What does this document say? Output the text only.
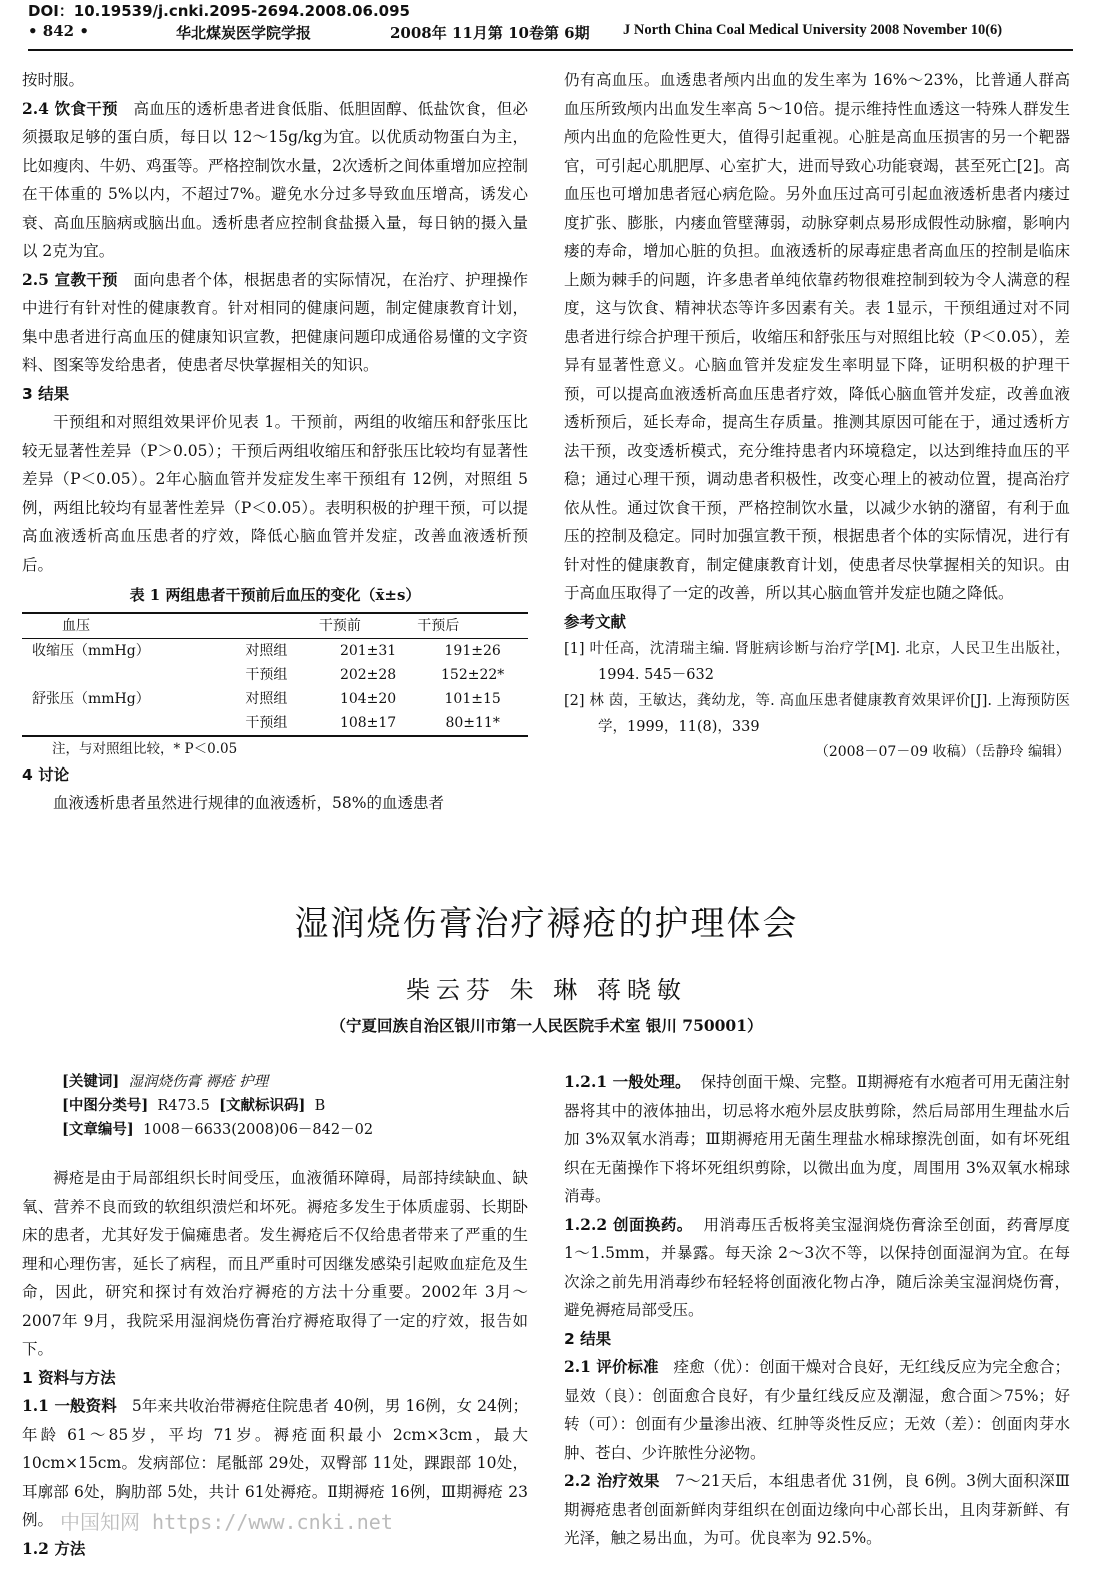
DOI：10.19539/j.cnki.2095-2694.2008.06.095
• 842 •	华北煤炭医学院学报	2008年 11月第 10卷第 6期 J North China Coal Medical University 2008 November 10(6)

按时服。

2.4 饮食干预 高血压的透析患者进食低脂、低胆固醇、低盐饮食，但必须摄取足够的蛋白质，每日以 12～15g/kg为宜。以优质动物蛋白为主，比如瘦肉、牛奶、鸡蛋等。严格控制饮水量，2次透析之间体重增加应控制在干体重的 5%以内，不超过7%。避免水分过多导致血压增高，诱发心衰、高血压脑病或脑出血。透析患者应控制食盐摄入量，每日钠的摄入量以 2克为宜。

2.5 宣教干预 面向患者个体，根据患者的实际情况，在治疗、护理操作中进行有针对性的健康教育。针对相同的健康问题，制定健康教育计划，集中患者进行高血压的健康知识宣教，把健康问题印成通俗易懂的文字资料、图案等发给患者，使患者尽快掌握相关的知识。

3 结果

干预组和对照组效果评价见表 1。干预前，两组的收缩压和舒张压比较无显著性差异（P＞0.05）；干预后两组收缩压和舒张压比较均有显著性差异（P＜0.05）。2年心脑血管并发症发生率干预组有 12例，对照组 5例，两组比较均有显著性差异（P＜0.05）。表明积极的护理干预，可以提高血液透析高血压患者的疗效，降低心脑血管并发症，改善血液透析预后。

表 1 两组患者干预前后血压的变化（x̄±s）
血压		干预前	干预后
收缩压（mmHg）	对照组	201±31	191±26
	干预组	202±28	152±22*
舒张压（mmHg）	对照组	104±20	101±15
	干预组	108±17	80±11*
注，与对照组比较，* P＜0.05

4 讨论

血液透析患者虽然进行规律的血液透析，58%的血透患者

仍有高血压。血透患者颅内出血的发生率为 16%～23%，比普通人群高血压所致颅内出血发生率高 5～10倍。提示维持性血透这一特殊人群发生颅内出血的危险性更大，值得引起重视。心脏是高血压损害的另一个靶器官，可引起心肌肥厚、心室扩大，进而导致心功能衰竭，甚至死亡[2]。高血压也可增加患者冠心病危险。另外血压过高可引起血液透析患者内瘘过度扩张、膨胀，内瘘血管壁薄弱，动脉穿刺点易形成假性动脉瘤，影响内瘘的寿命，增加心脏的负担。血液透析的尿毒症患者高血压的控制是临床上颇为棘手的问题，许多患者单纯依靠药物很难控制到较为令人满意的程度，这与饮食、精神状态等许多因素有关。表 1显示，干预组通过对不同患者进行综合护理干预后，收缩压和舒张压与对照组比较（P＜0.05），差异有显著性意义。心脑血管并发症发生率明显下降，证明积极的护理干预，可以提高血液透析高血压患者疗效，降低心脑血管并发症，改善血液透析预后，延长寿命，提高生存质量。推测其原因可能在于，通过透析方法干预，改变透析模式，充分维持患者内环境稳定，以达到维持血压的平稳；通过心理干预，调动患者积极性，改变心理上的被动位置，提高治疗依从性。通过饮食干预，严格控制饮水量，以减少水钠的潴留，有利于血压的控制及稳定。同时加强宣教干预，根据患者个体的实际情况，进行有针对性的健康教育，制定健康教育计划，使患者尽快掌握相关的知识。由于高血压取得了一定的改善，所以其心脑血管并发症也随之降低。

参考文献

[1] 叶任高，沈清瑞主编. 肾脏病诊断与治疗学[M]. 北京，人民卫生出版社，1994. 545－632
[2] 林 茵，王敏达，龚幼龙，等. 高血压患者健康教育效果评价[J]. 上海预防医学，1999，11(8)，339
（2008－07－09 收稿）（岳静玲 编辑）
湿润烧伤膏治疗褥疮的护理体会
柴云芬 朱 琳 蒋晓敏
（宁夏回族自治区银川市第一人民医院手术室 银川 750001）
[关键词] 湿润烧伤膏 褥疮 护理
[中图分类号] R473.5 [文献标识码] B
[文章编号] 1008－6633(2008)06－842－02

褥疮是由于局部组织长时间受压，血液循环障碍，局部持续缺血、缺氧、营养不良而致的软组织溃烂和坏死。褥疮多发生于体质虚弱、长期卧床的患者，尤其好发于偏瘫患者。发生褥疮后不仅给患者带来了严重的生理和心理伤害，延长了病程，而且严重时可因继发感染引起败血症危及生命，因此，研究和探讨有效治疗褥疮的方法十分重要。2002年 3月～2007年 9月，我院采用湿润烧伤膏治疗褥疮取得了一定的疗效，报告如下。

1 资料与方法

1.1 一般资料 5年来共收治带褥疮住院患者 40例，男 16例，女 24例；年龄 61～85岁，平均 71岁。褥疮面积最小 2cm×3cm，最大 10cm×15cm。发病部位：尾骶部 29处，双臀部 11处，踝跟部 10处，耳廓部 6处，胸肋部 5处，共计 61处褥疮。Ⅱ期褥疮 16例，Ⅲ期褥疮 23例。

1.2 方法

1.2.1 一般处理。 保持创面干燥、完整。Ⅱ期褥疮有水疱者可用无菌注射器将其中的液体抽出，切忌将水疱外层皮肤剪除，然后局部用生理盐水后加 3%双氧水消毒；Ⅲ期褥疮用无菌生理盐水棉球擦洗创面，如有坏死组织在无菌操作下将坏死组织剪除，以微出血为度，周围用 3%双氧水棉球消毒。

1.2.2 创面换药。 用消毒压舌板将美宝湿润烧伤膏涂至创面，药膏厚度 1～1.5mm，并暴露。每天涂 2～3次不等，以保持创面湿润为宜。在每次涂之前先用消毒纱布轻轻将创面液化物占净，随后涂美宝湿润烧伤膏，避免褥疮局部受压。

2 结果

2.1 评价标准 痊愈（优）：创面干燥对合良好，无红线反应为完全愈合；显效（良）：创面愈合良好，有少量红线反应及潮湿，愈合面＞75%；好转（可）：创面有少量渗出液、红肿等炎性反应；无效（差）：创面肉芽水肿、苍白、少许脓性分泌物。

2.2 治疗效果 7～21天后，本组患者优 31例，良 6例。3例大面积深Ⅲ期褥疮患者创面新鲜肉芽组织在创面边缘向中心部长出，且肉芽新鲜、有光泽，触之易出血，为可。优良率为 92.5%。

中国知网 https://www.cnki.net
